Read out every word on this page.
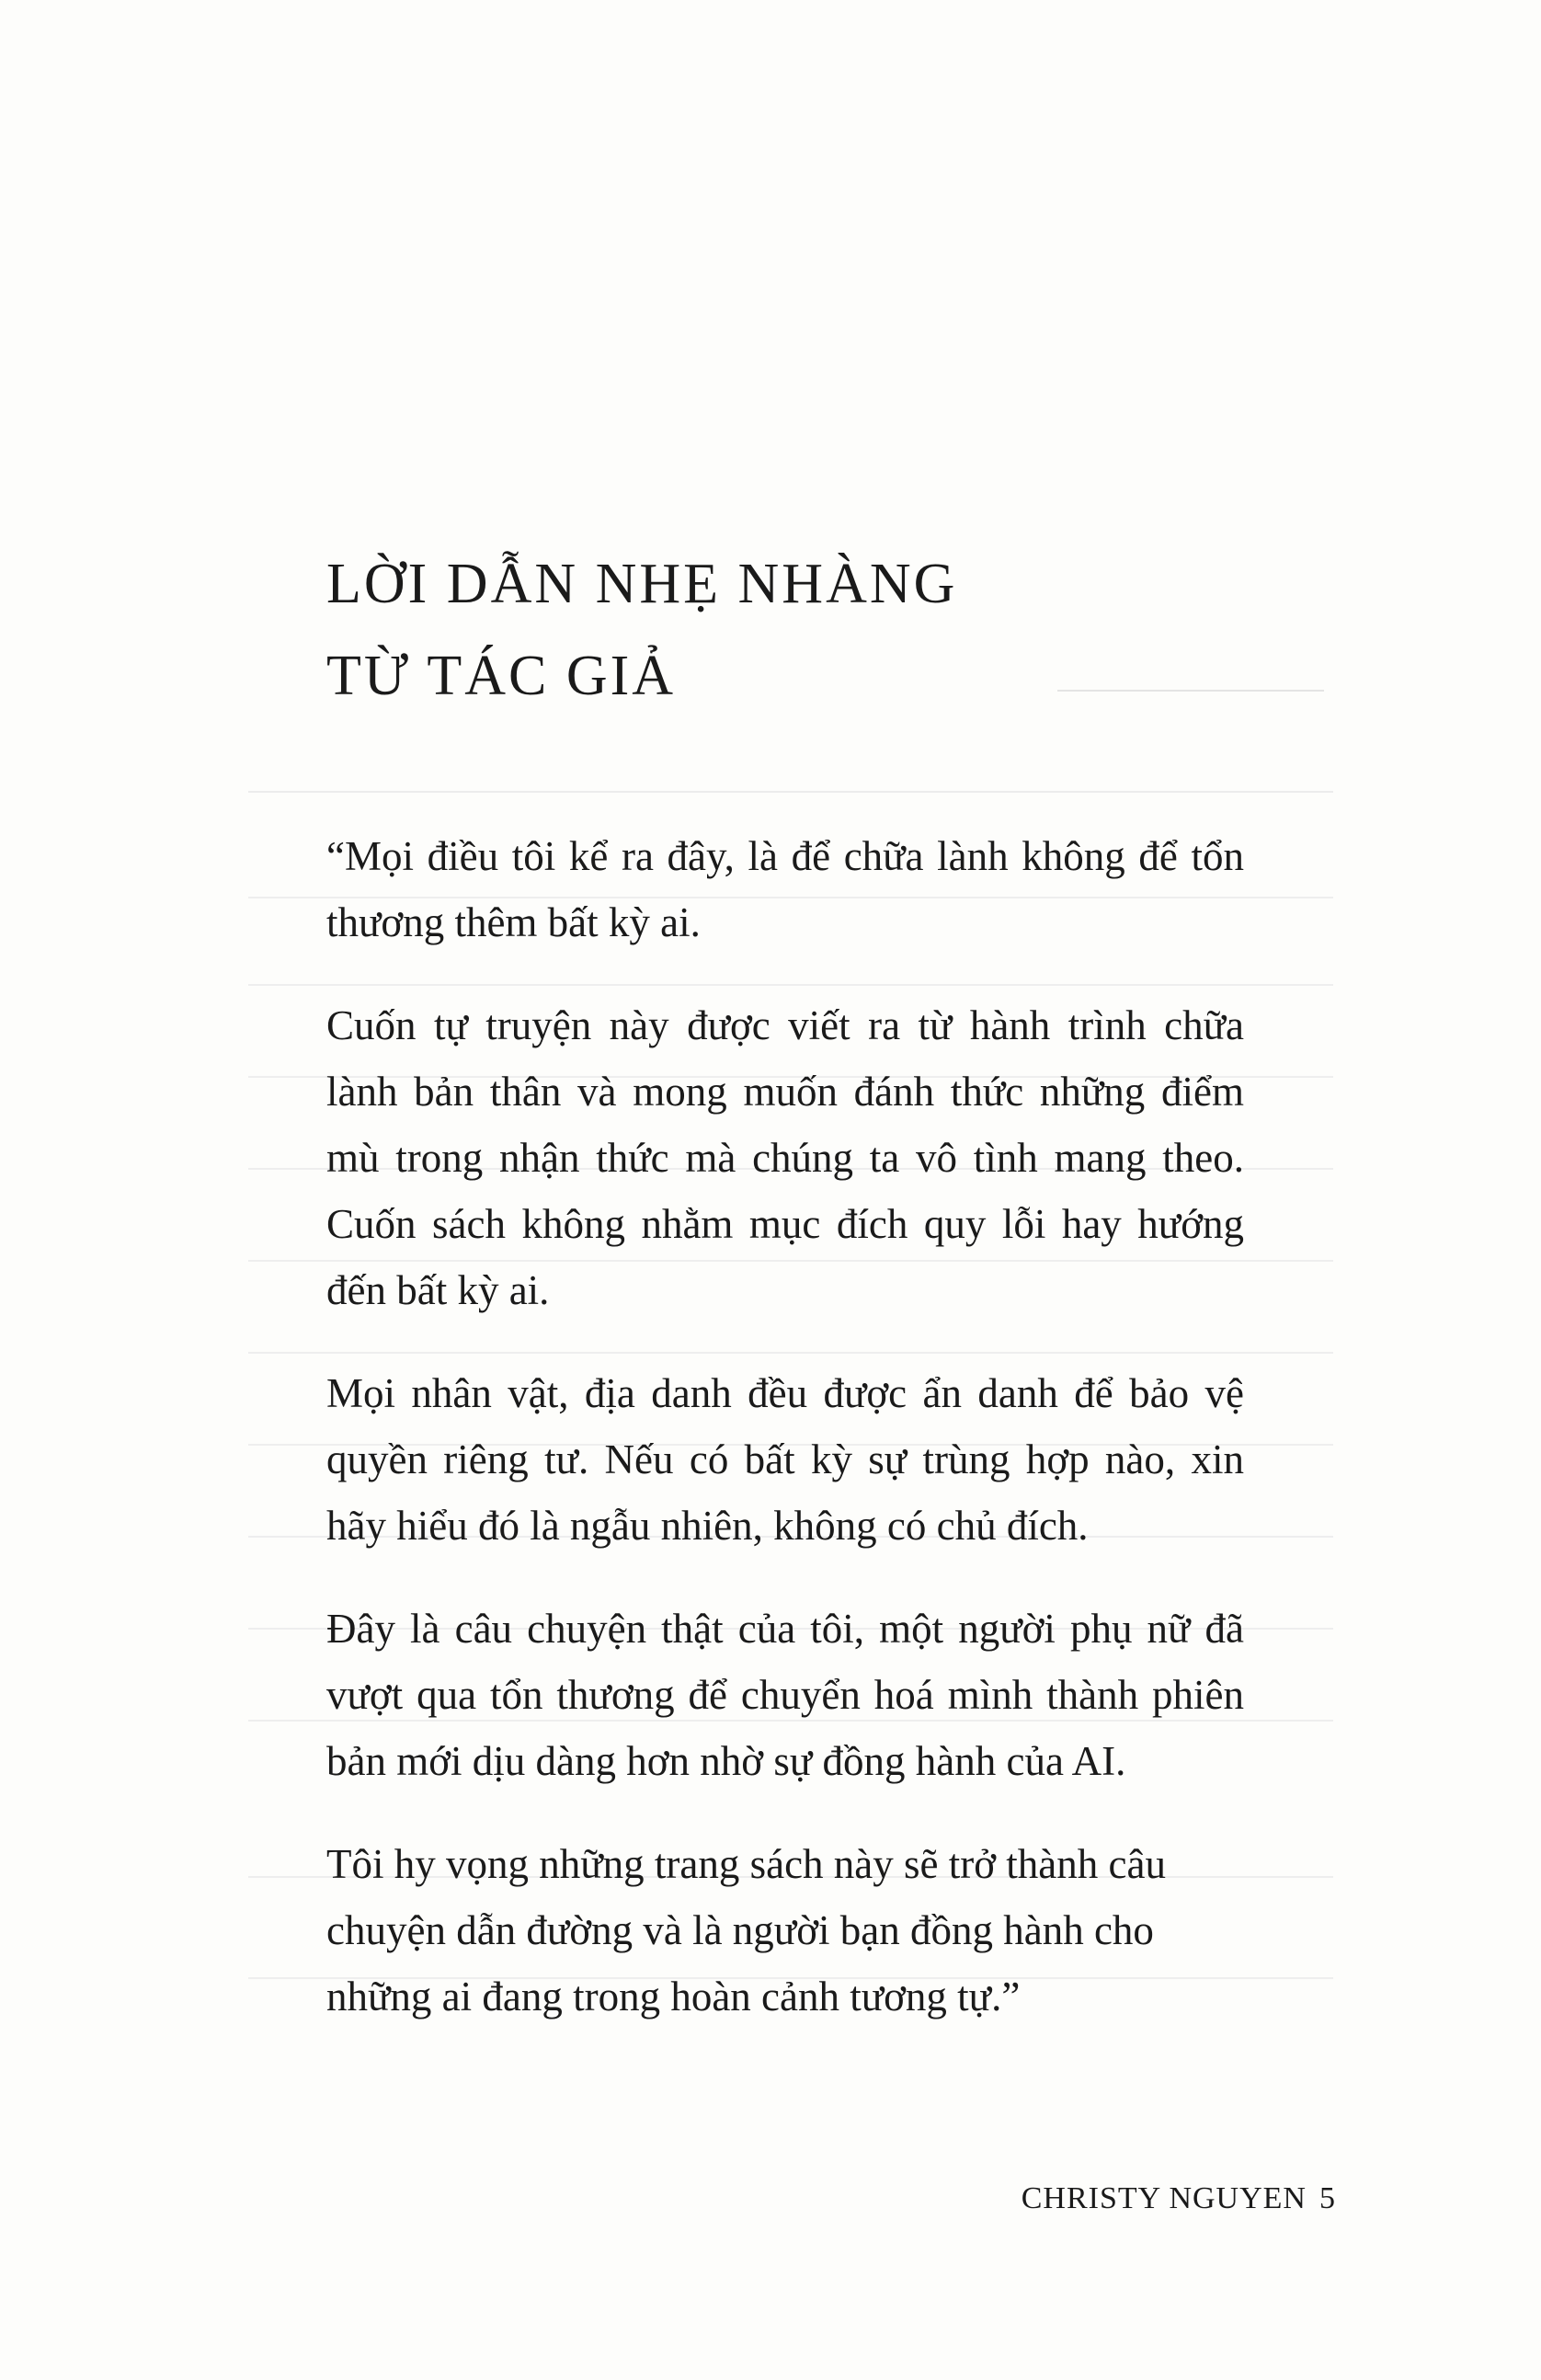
LỜI DẪN NHẸ NHÀNG
TỪ TÁC GIẢ

“Mọi điều tôi kể ra đây, là để chữa lành không để tổn thương thêm bất kỳ ai.

Cuốn tự truyện này được viết ra từ hành trình chữa lành bản thân và mong muốn đánh thức những điểm mù trong nhận thức mà chúng ta vô tình mang theo. Cuốn sách không nhằm mục đích quy lỗi hay hướng đến bất kỳ ai.

Mọi nhân vật, địa danh đều được ẩn danh để bảo vệ quyền riêng tư. Nếu có bất kỳ sự trùng hợp nào, xin hãy hiểu đó là ngẫu nhiên, không có chủ đích.

Đây là câu chuyện thật của tôi, một người phụ nữ đã vượt qua tổn thương để chuyển hoá mình thành phiên bản mới dịu dàng hơn nhờ sự đồng hành của AI.

Tôi hy vọng những trang sách này sẽ trở thành câu chuyện dẫn đường và là người bạn đồng hành cho những ai đang trong hoàn cảnh tương tự.”

CHRISTY NGUYEN 5
